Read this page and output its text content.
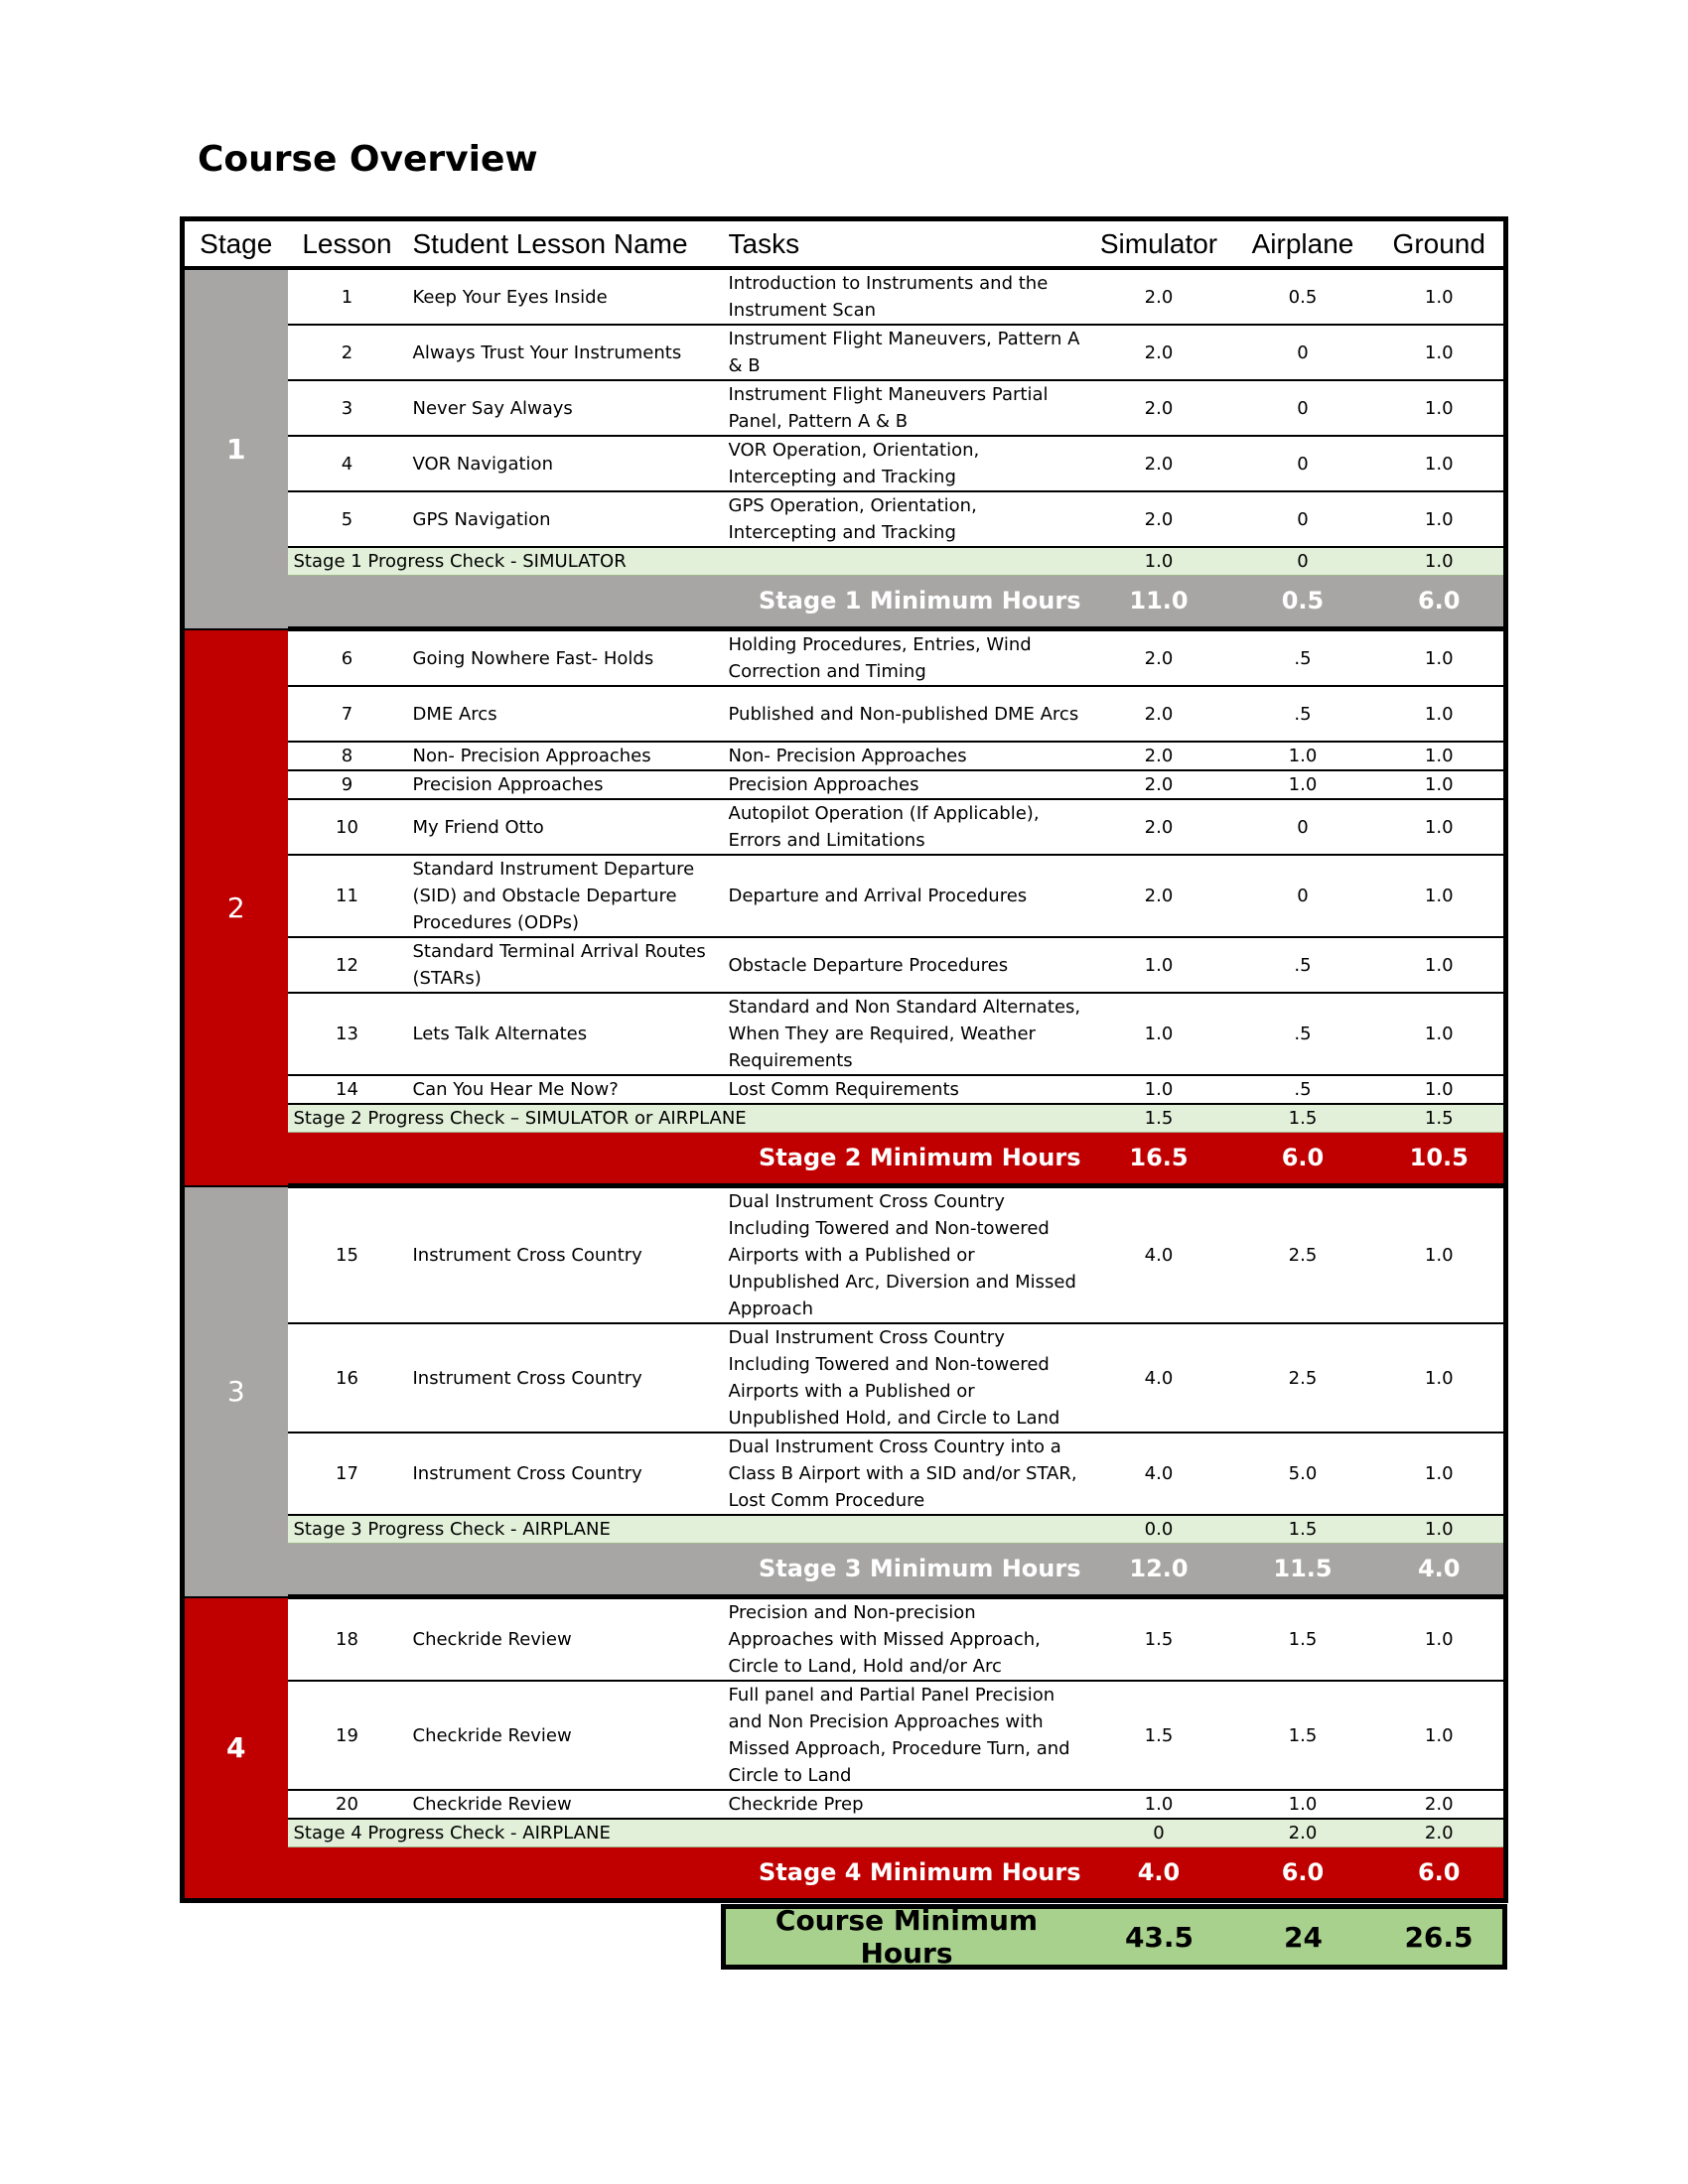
Course Overview
Stage	Lesson	Student Lesson Name	Tasks	Simulator	Airplane	Ground
1	1	Keep Your Eyes Inside	Introduction to Instruments and the Instrument Scan	2.0	0.5	1.0
	2	Always Trust Your Instruments	Instrument Flight Maneuvers, Pattern A & B	2.0	0	1.0
	3	Never Say Always	Instrument Flight Maneuvers Partial Panel, Pattern A & B	2.0	0	1.0
	4	VOR Navigation	VOR Operation, Orientation, Intercepting and Tracking	2.0	0	1.0
	5	GPS Navigation	GPS Operation, Orientation, Intercepting and Tracking	2.0	0	1.0
	Stage 1 Progress Check - SIMULATOR			1.0	0	1.0
	Stage 1 Minimum Hours			11.0	0.5	6.0
2	6	Going Nowhere Fast- Holds	Holding Procedures, Entries, Wind Correction and Timing	2.0	.5	1.0
	7	DME Arcs	Published and Non-published DME Arcs	2.0	.5	1.0
	8	Non- Precision Approaches	Non- Precision Approaches	2.0	1.0	1.0
	9	Precision Approaches	Precision Approaches	2.0	1.0	1.0
	10	My Friend Otto	Autopilot Operation (If Applicable), Errors and Limitations	2.0	0	1.0
	11	Standard Instrument Departure (SID) and Obstacle Departure Procedures (ODPs)	Departure and Arrival Procedures	2.0	0	1.0
	12	Standard Terminal Arrival Routes (STARs)	Obstacle Departure Procedures	1.0	.5	1.0
	13	Lets Talk Alternates	Standard and Non Standard Alternates, When They are Required, Weather Requirements	1.0	.5	1.0
	14	Can You Hear Me Now?	Lost Comm Requirements	1.0	.5	1.0
	Stage 2 Progress Check – SIMULATOR or AIRPLANE			1.5	1.5	1.5
	Stage 2 Minimum Hours			16.5	6.0	10.5
3	15	Instrument Cross Country	Dual Instrument Cross Country Including Towered and Non-towered Airports with a Published or Unpublished Arc, Diversion and Missed Approach	4.0	2.5	1.0
	16	Instrument Cross Country	Dual Instrument Cross Country Including Towered and Non-towered Airports with a Published or Unpublished Hold, and Circle to Land	4.0	2.5	1.0
	17	Instrument Cross Country	Dual Instrument Cross Country into a Class B Airport with a SID and/or STAR, Lost Comm Procedure	4.0	5.0	1.0
	Stage 3 Progress Check - AIRPLANE			0.0	1.5	1.0
	Stage 3 Minimum Hours			12.0	11.5	4.0
4	18	Checkride Review	Precision and Non-precision Approaches with Missed Approach, Circle to Land, Hold and/or Arc	1.5	1.5	1.0
	19	Checkride Review	Full panel and Partial Panel Precision and Non Precision Approaches with Missed Approach, Procedure Turn, and Circle to Land	1.5	1.5	1.0
	20	Checkride Review	Checkride Prep	1.0	1.0	2.0
	Stage 4 Progress Check - AIRPLANE			0	2.0	2.0
	Stage 4 Minimum Hours			4.0	6.0	6.0
Course Minimum Hours	43.5	24	26.5
